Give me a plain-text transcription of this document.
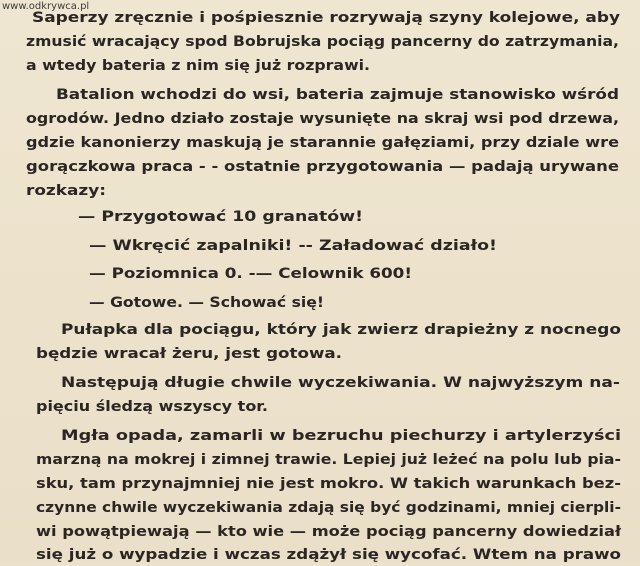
www.odkrywca.pl
Saperzy zręcznie i pośpiesznie rozrywają szyny kolejowe, aby
zmusić wracający spod Bobrujska pociąg pancerny do zatrzymania,
a wtedy bateria z nim się już rozprawi.
Batalion wchodzi do wsi, bateria zajmuje stanowisko wśród
ogrodów. Jedno działo zostaje wysunięte na skraj wsi pod drzewa,
gdzie kanonierzy maskują je starannie gałęziami, przy dziale wre
gorączkowa praca - - ostatnie przygotowania — padają urywane
rozkazy:
— Przygotować 10 granatów!
— Wkręcić zapalniki! -- Załadować działo!
— Poziomnica 0. -— Celownik 600!
— Gotowe. — Schować się!
Pułapka dla pociągu, który jak zwierz drapieżny z nocnego
będzie wracał żeru, jest gotowa.
Następują długie chwile wyczekiwania. W najwyższym na-
pięciu śledzą wszyscy tor.
Mgła opada, zamarli w bezruchu piechurzy i artylerzyści
marzną na mokrej i zimnej trawie. Lepiej już leżeć na polu lub pia-
sku, tam przynajmniej nie jest mokro. W takich warunkach bez-
czynne chwile wyczekiwania zdają się być godzinami, mniej cierpli-
wi powątpiewają — kto wie — może pociąg pancerny dowiedział
się już o wypadzie i wczas zdążył się wycofać. Wtem na prawo
